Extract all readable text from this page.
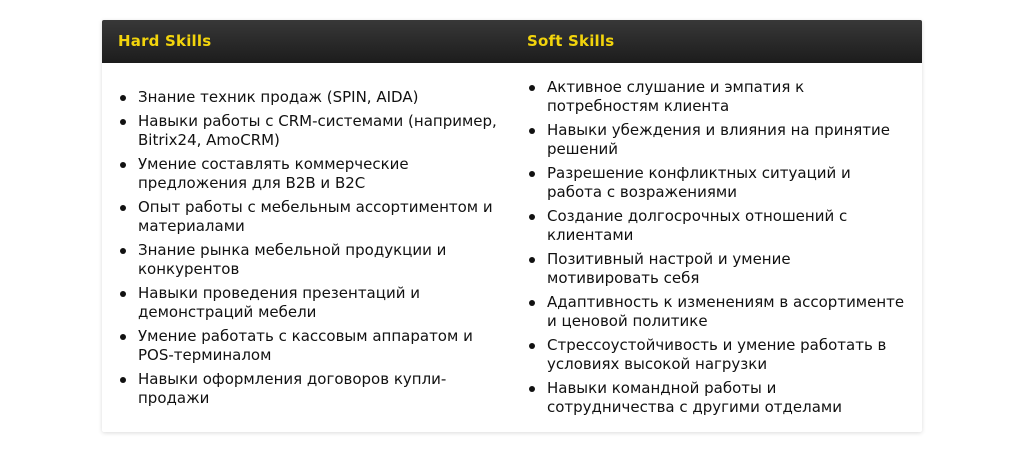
Hard Skills	Soft Skills
Знание техник продаж (SPIN, AIDA)
Навыки работы с CRM-системами (например, Bitrix24, AmoCRM)
Умение составлять коммерческие предложения для B2B и B2C
Опыт работы с мебельным ассортиментом и материалами
Знание рынка мебельной продукции и конкурентов
Навыки проведения презентаций и демонстраций мебели
Умение работать с кассовым аппаратом и POS-терминалом
Навыки оформления договоров купли-продажи
Активное слушание и эмпатия к потребностям клиента
Навыки убеждения и влияния на принятие решений
Разрешение конфликтных ситуаций и работа с возражениями
Создание долгосрочных отношений с клиентами
Позитивный настрой и умение мотивировать себя
Адаптивность к изменениям в ассортименте и ценовой политике
Стрессоустойчивость и умение работать в условиях высокой нагрузки
Навыки командной работы и сотрудничества с другими отделами
